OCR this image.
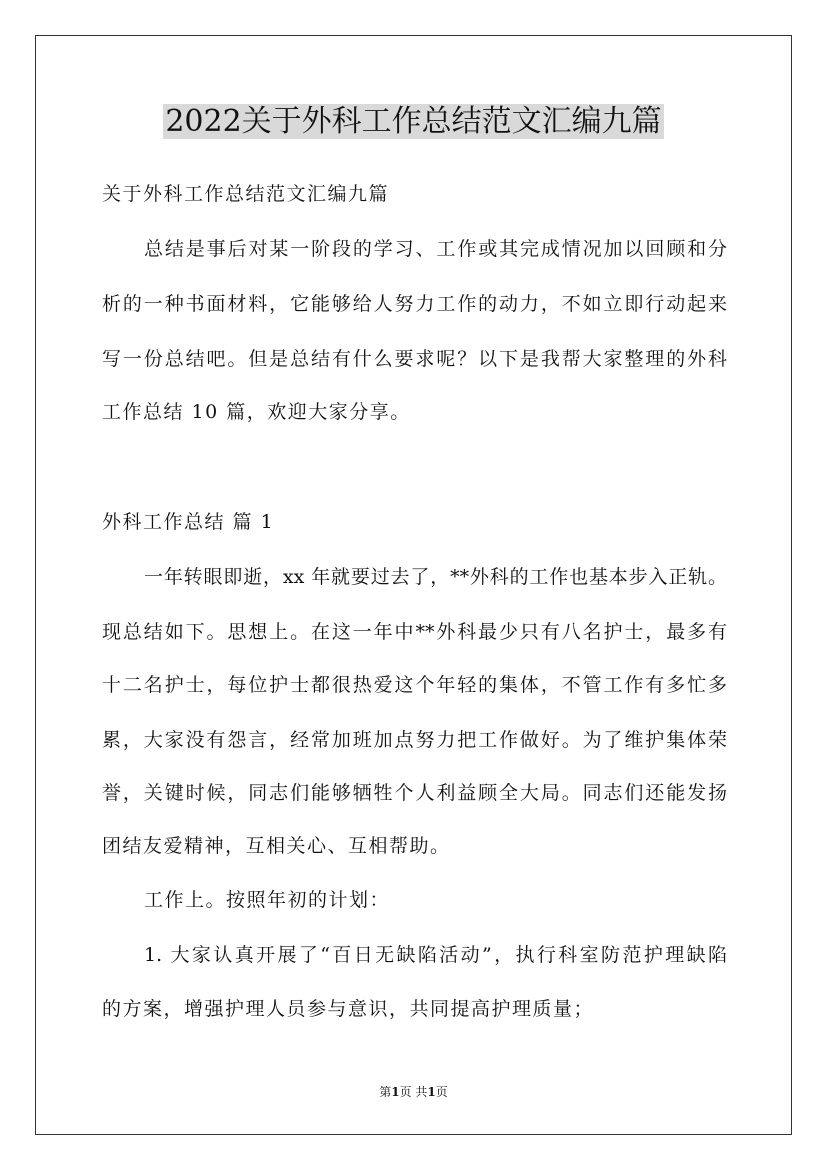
2022关于外科工作总结范文汇编九篇
关于外科工作总结范文汇编九篇
总结是事后对某一阶段的学习、工作或其完成情况加以回顾和分
析的一种书面材料，它能够给人努力工作的动力，不如立即行动起来
写一份总结吧。但是总结有什么要求呢？以下是我帮大家整理的外科
工作总结 10 篇，欢迎大家分享。
外科工作总结 篇 1
一年转眼即逝，xx 年就要过去了，**外科的工作也基本步入正轨。
现总结如下。思想上。在这一年中**外科最少只有八名护士，最多有
十二名护士，每位护士都很热爱这个年轻的集体，不管工作有多忙多
累，大家没有怨言，经常加班加点努力把工作做好。为了维护集体荣
誉，关键时候，同志们能够牺牲个人利益顾全大局。同志们还能发扬
团结友爱精神，互相关心、互相帮助。
工作上。按照年初的计划：
1. 大家认真开展了“百日无缺陷活动”，执行科室防范护理缺陷
的方案，增强护理人员参与意识，共同提高护理质量；
第1页 共1页
